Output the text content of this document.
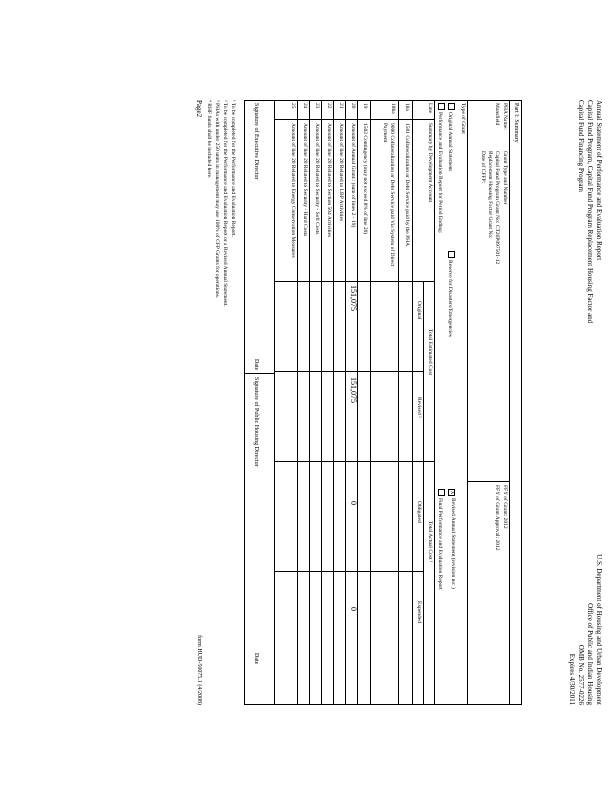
Annual Statement of Performance and Evaluation Report
Capital Fund Program, Capital Fund Program Replacement Housing Factor and
Capital Fund Financing Program
U.S. Department of Housing and Urban Development
Office of Public and Indian Housing
OMB No. 2577-0226
Expires 4/30/2011
Part I: Summary
PHA Name:
Mansfield
Grant Type and Number
Capital Fund Program Grant No: CT26P097501-12
Replacement Housing Factor Grant No:
Date of CFFP:
FFY of Grant: 2012
FFY of Grant Approval: 2012
Type of Grant
Original Annual Statement
Reserve for Disasters/Emergencies
XRevised Annual Statement (revision no: )
Performance and Evaluation Report for Period Ending:
Final Performance and Evaluation Report
Line
Summary by Development Account
Total Estimated Cost
Total Actual Cost ¹
Original
Revised ²
Obligated
Expended
18a
1501 Collateralization or Debt Service paid by the PHA
18ba
9000 Collateralization or Debt Service paid Via System of Direct Payment
19
1502 Contingency (may not exceed 8% of line 20)
20
Amount of Annual Grant:: (sum of lines 2 - 19)
151,075
151,075
0
0
21
Amount of line 20 Related to LBP Activities
22
Amount of line 20 Related to Section 504 Activities
23
Amount of line 20 Related to Security - Soft Costs
24
Amount of line 20 Related to Security - Hard Costs
25
Amount of line 20 Related to Energy Conservation Measures
Signature of Executive Director
Date
Signature of Public Housing Director
Date
¹ To be completed for the Performance and Evaluation Report.
² To be completed for the Performance and Evaluation Report or a Revised Annual Statement.
³ PHAs with under 250 units in management may use 100% of CFP Grants for operations.
⁴ RHF funds shall be included here.
Page2
form HUD-50075.1 (4/2008)
